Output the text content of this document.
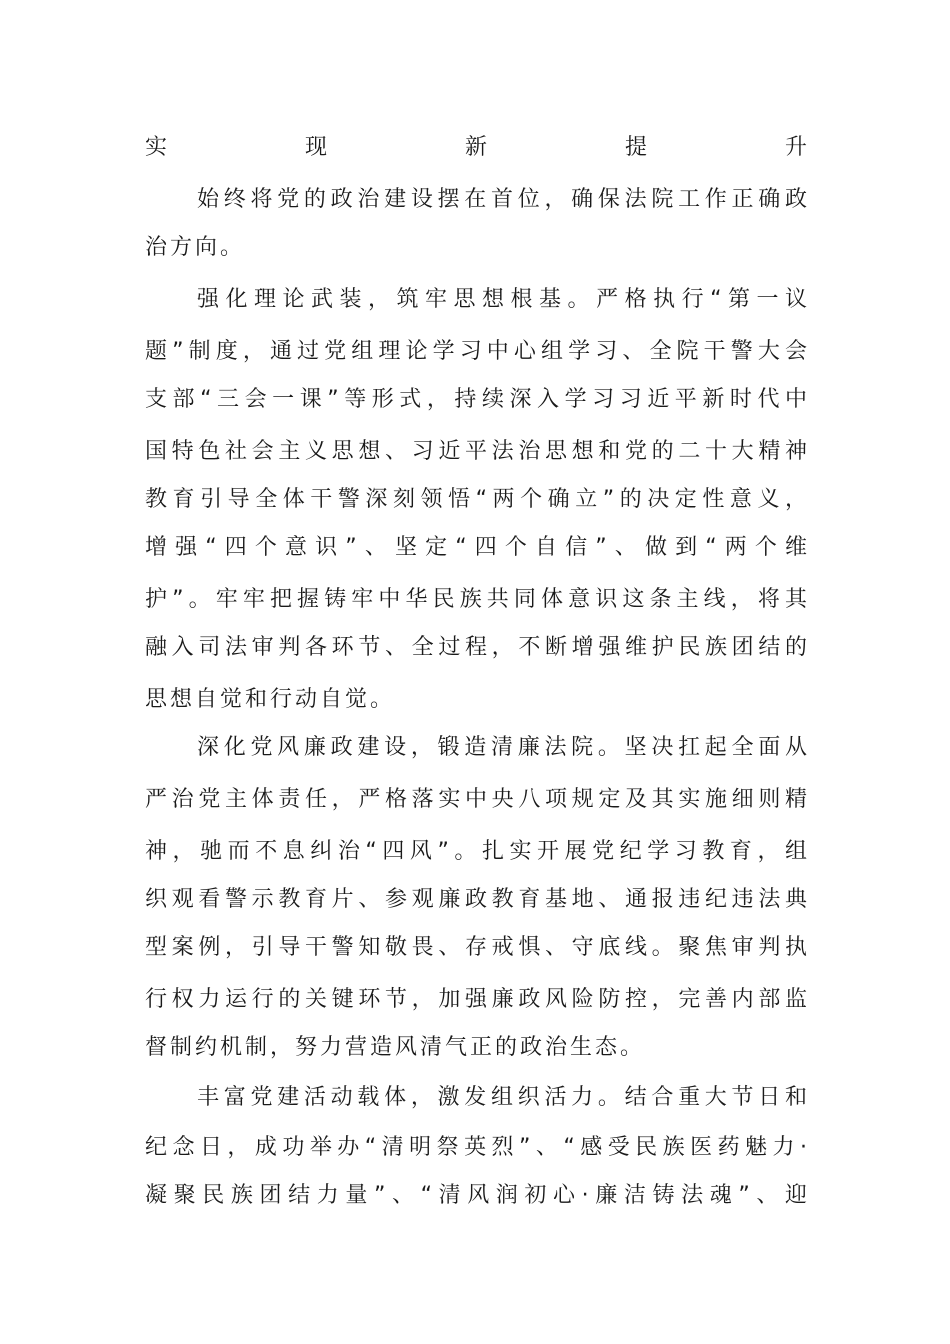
实现新提升
始终将党的政治建设摆在首位，确保法院工作正确政
治方向。
强化理论武装，筑牢思想根基。严格执行“第一议
题”制度，通过党组理论学习中心组学习、全院干警大会
支部“三会一课”等形式，持续深入学习习近平新时代中
国特色社会主义思想、习近平法治思想和党的二十大精神
教育引导全体干警深刻领悟“两个确立”的决定性意义，
增强“四个意识”、坚定“四个自信”、做到“两个维
护”。牢牢把握铸牢中华民族共同体意识这条主线，将其
融入司法审判各环节、全过程，不断增强维护民族团结的
思想自觉和行动自觉。
深化党风廉政建设，锻造清廉法院。坚决扛起全面从
严治党主体责任，严格落实中央八项规定及其实施细则精
神，驰而不息纠治“四风”。扎实开展党纪学习教育，组
织观看警示教育片、参观廉政教育基地、通报违纪违法典
型案例，引导干警知敬畏、存戒惧、守底线。聚焦审判执
行权力运行的关键环节，加强廉政风险防控，完善内部监
督制约机制，努力营造风清气正的政治生态。
丰富党建活动载体，激发组织活力。结合重大节日和
纪念日，成功举办“清明祭英烈”、“感受民族医药魅力·
凝聚民族团结力量”、“清风润初心·廉洁铸法魂”、迎
